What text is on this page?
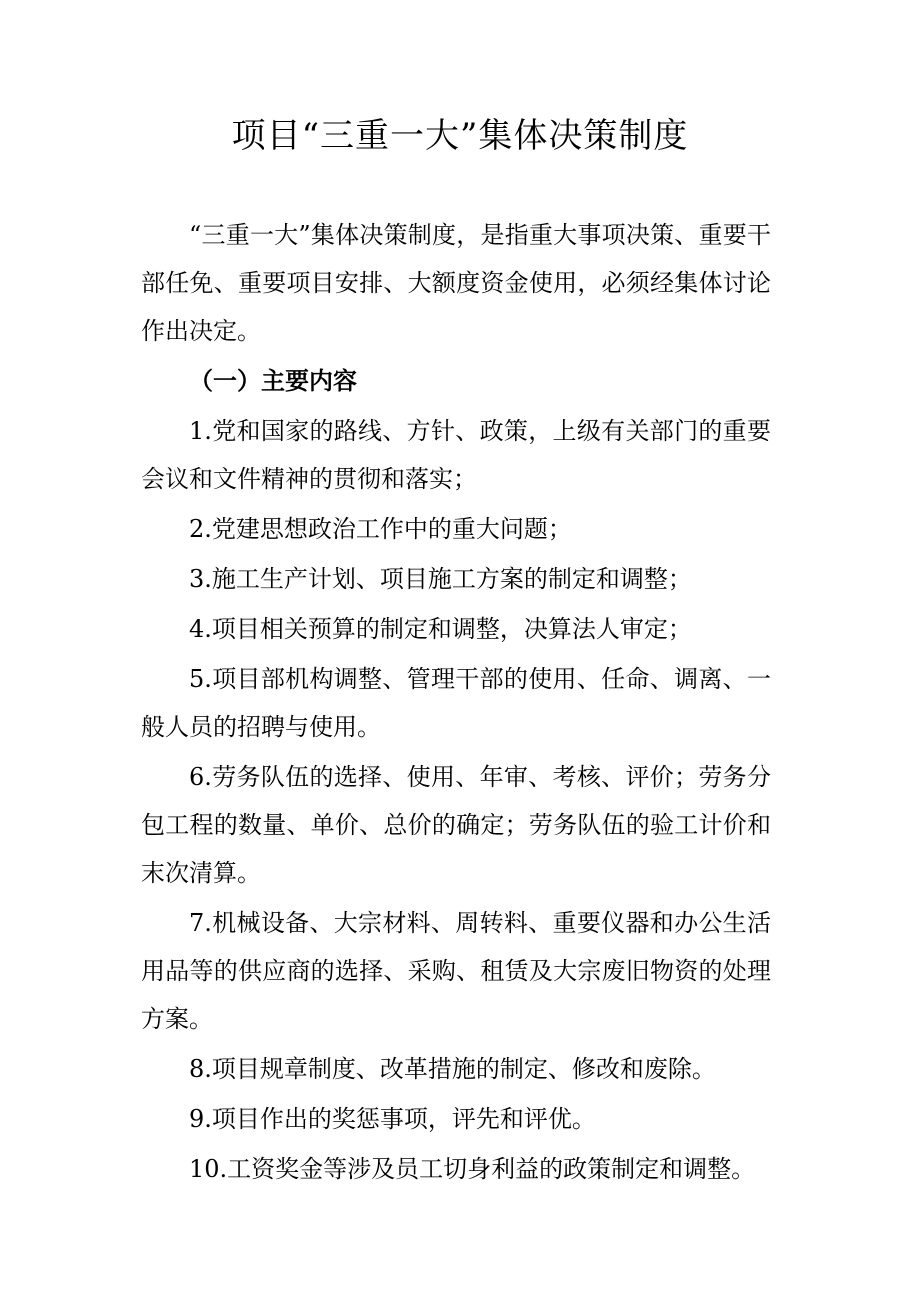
项目“三重一大”集体决策制度

“三重一大”集体决策制度，是指重大事项决策、重要干部任免、重要项目安排、大额度资金使用，必须经集体讨论作出决定。

（一）主要内容

1.党和国家的路线、方针、政策，上级有关部门的重要会议和文件精神的贯彻和落实；

2.党建思想政治工作中的重大问题；

3.施工生产计划、项目施工方案的制定和调整；

4.项目相关预算的制定和调整，决算法人审定；

5.项目部机构调整、管理干部的使用、任命、调离、一般人员的招聘与使用。

6.劳务队伍的选择、使用、年审、考核、评价；劳务分包工程的数量、单价、总价的确定；劳务队伍的验工计价和末次清算。

7.机械设备、大宗材料、周转料、重要仪器和办公生活用品等的供应商的选择、采购、租赁及大宗废旧物资的处理方案。

8.项目规章制度、改革措施的制定、修改和废除。

9.项目作出的奖惩事项，评先和评优。

10.工资奖金等涉及员工切身利益的政策制定和调整。
